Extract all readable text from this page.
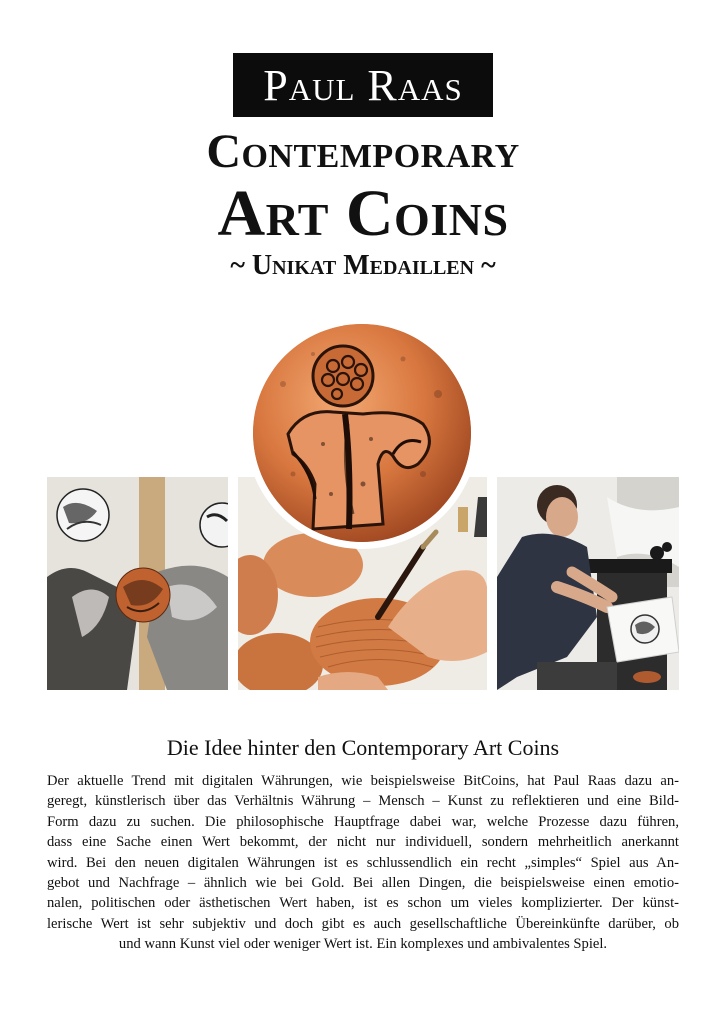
Paul Raas
Contemporary
Art Coins
~ Unikat Medaillen ~
Die Idee hinter den Contemporary Art Coins
Der aktuelle Trend mit digitalen Währungen, wie beispielsweise BitCoins, hat Paul Raas dazu an-
geregt, künstlerisch über das Verhältnis Währung – Mensch – Kunst zu reflektieren und eine Bild-
Form dazu zu suchen. Die philosophische Hauptfrage dabei war, welche Prozesse dazu führen,
dass eine Sache einen Wert bekommt, der nicht nur individuell, sondern mehrheitlich anerkannt
wird. Bei den neuen digitalen Währungen ist es schlussendlich ein recht „simples“ Spiel aus An-
gebot und Nachfrage – ähnlich wie bei Gold. Bei allen Dingen, die beispielsweise einen emotio-
nalen, politischen oder ästhetischen Wert haben, ist es schon um vieles komplizierter. Der künst-
lerische Wert ist sehr subjektiv und doch gibt es auch gesellschaftliche Übereinkünfte darüber, ob
und wann Kunst viel oder weniger Wert ist. Ein komplexes und ambivalentes Spiel.
